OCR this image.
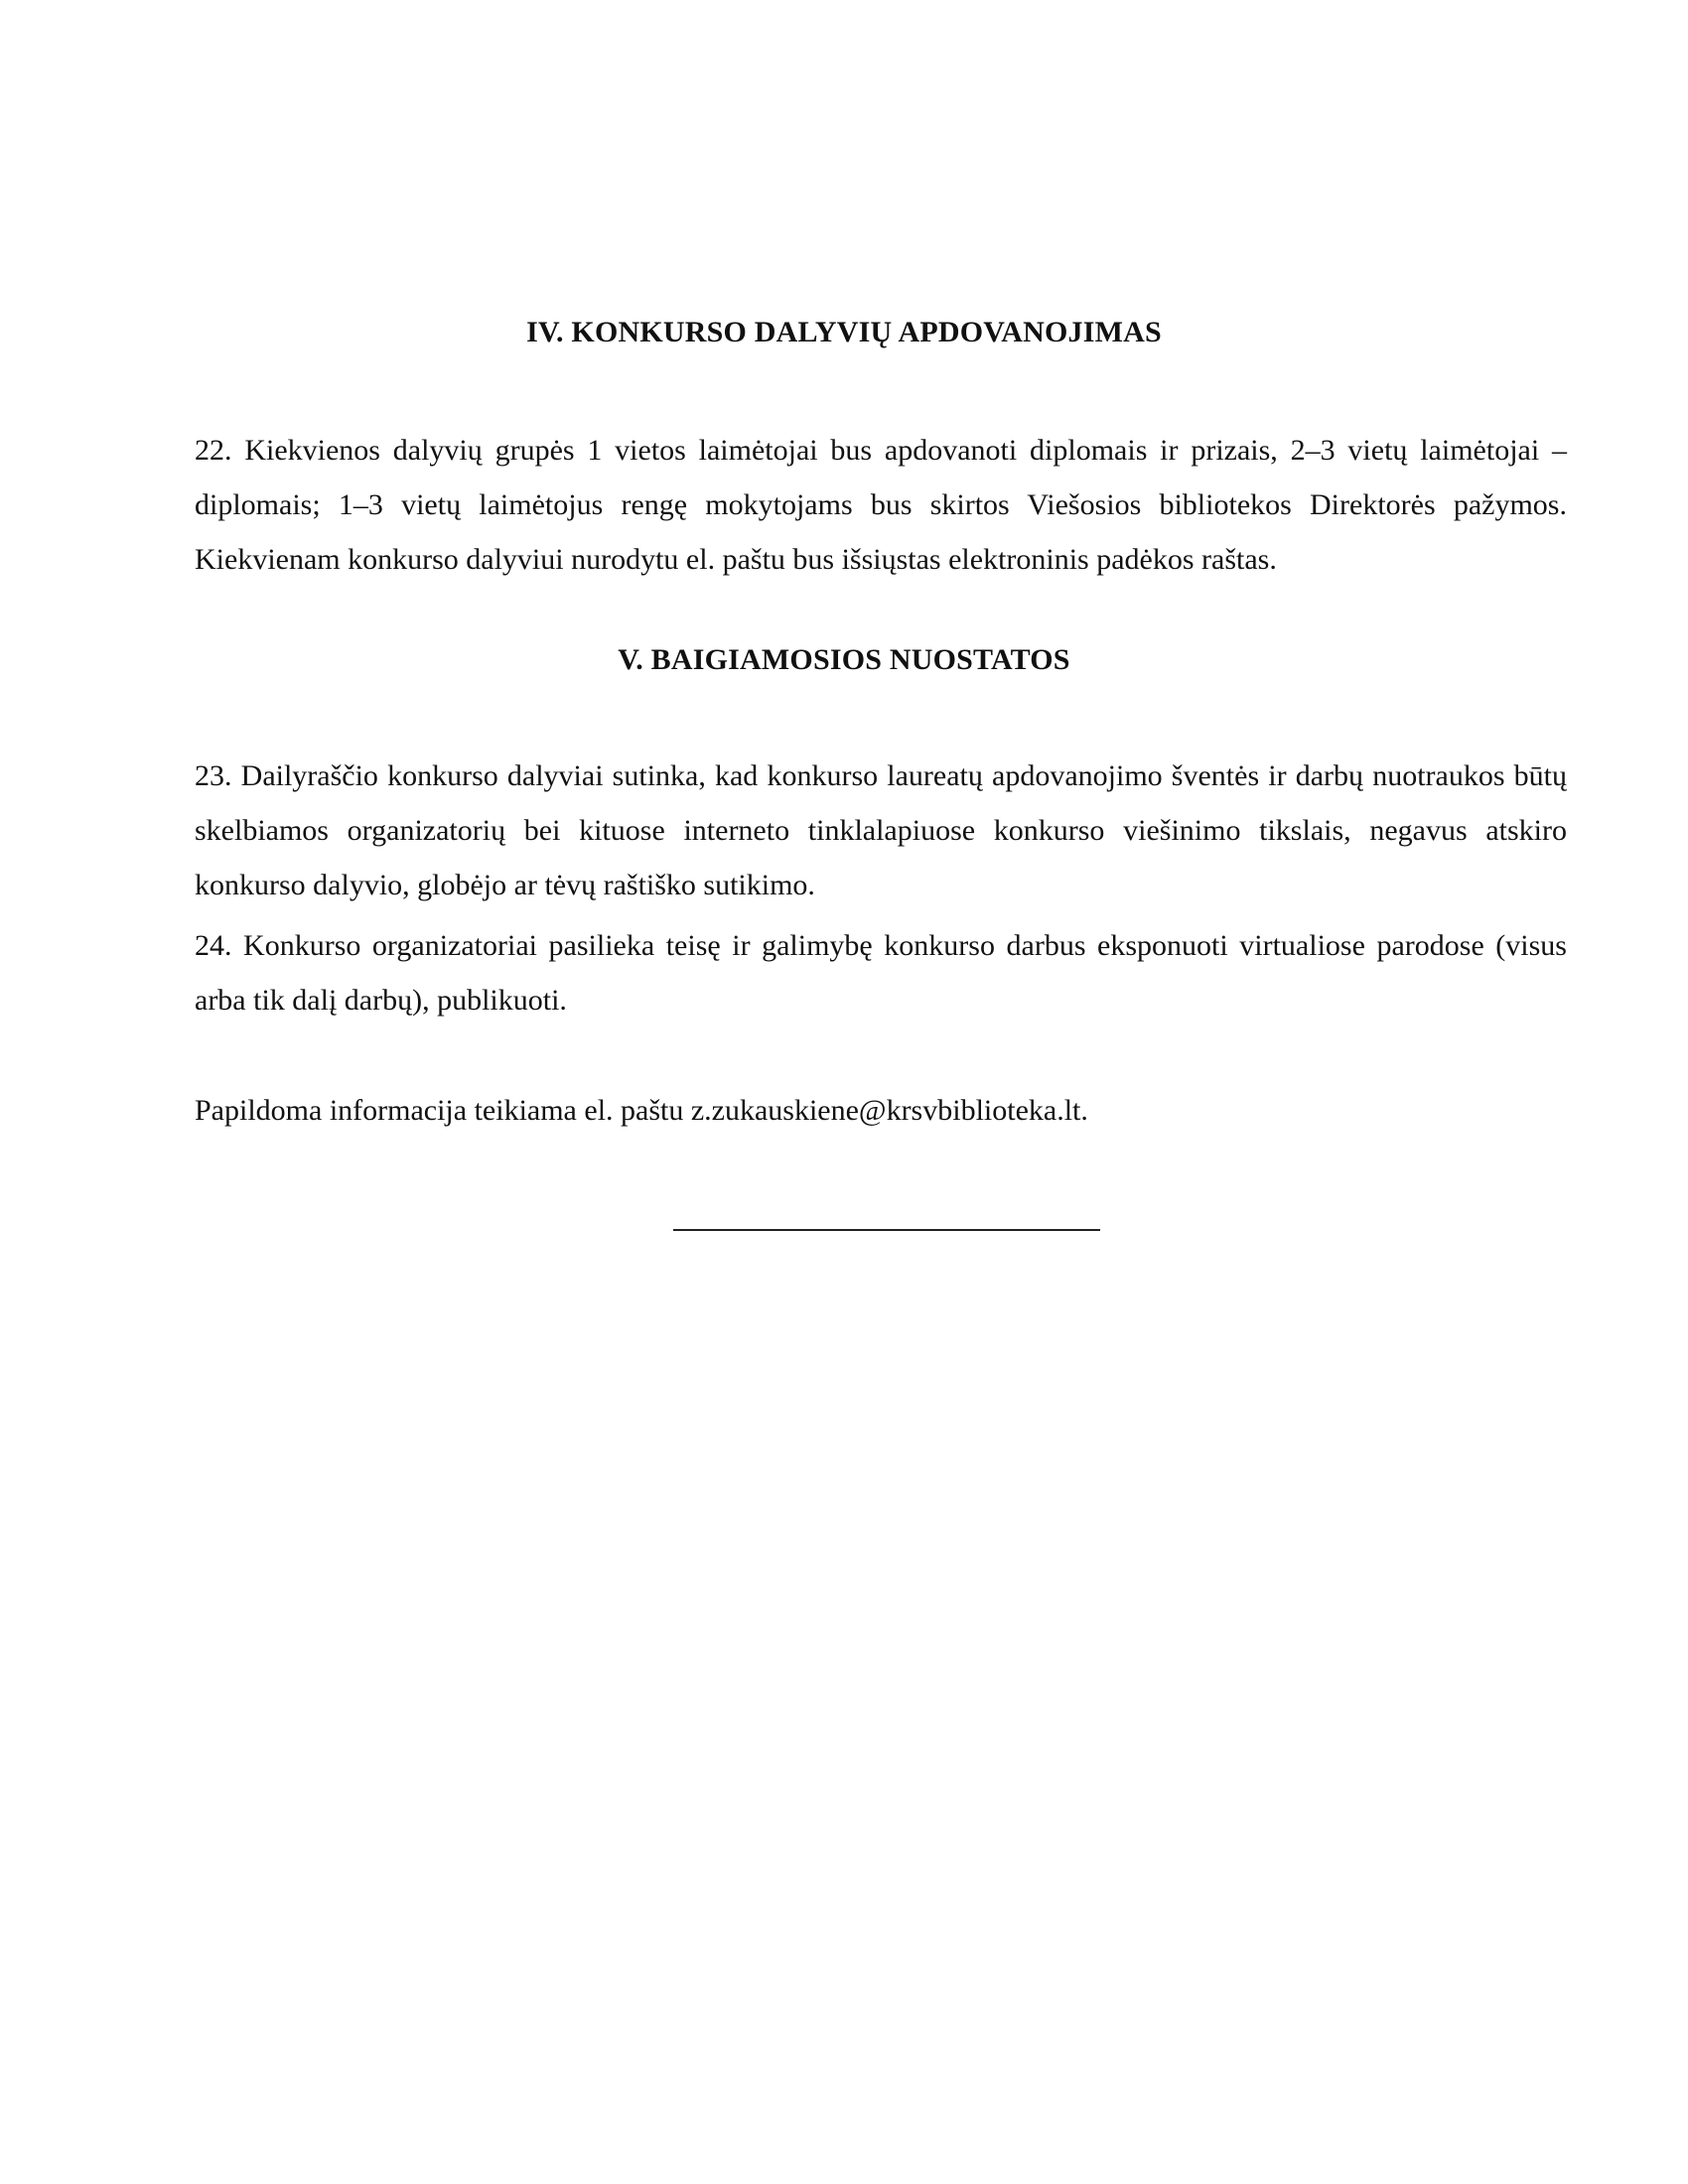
IV. KONKURSO DALYVIŲ APDOVANOJIMAS

22. Kiekvienos dalyvių grupės 1 vietos laimėtojai bus apdovanoti diplomais ir prizais, 2–3 vietų laimėtojai – diplomais; 1–3 vietų laimėtojus rengę mokytojams bus skirtos Viešosios bibliotekos Direktorės pažymos. Kiekvienam konkurso dalyviui nurodytu el. paštu bus išsiųstas elektroninis padėkos raštas.

V. BAIGIAMOSIOS NUOSTATOS

23. Dailyraščio konkurso dalyviai sutinka, kad konkurso laureatų apdovanojimo šventės ir darbų nuotraukos būtų skelbiamos organizatorių bei kituose interneto tinklalapiuose konkurso viešinimo tikslais, negavus atskiro konkurso dalyvio, globėjo ar tėvų raštiško sutikimo.

24. Konkurso organizatoriai pasilieka teisę ir galimybę konkurso darbus eksponuoti virtualiose parodose (visus arba tik dalį darbų), publikuoti.

Papildoma informacija teikiama el. paštu z.zukauskiene@krsvbiblioteka.lt.
